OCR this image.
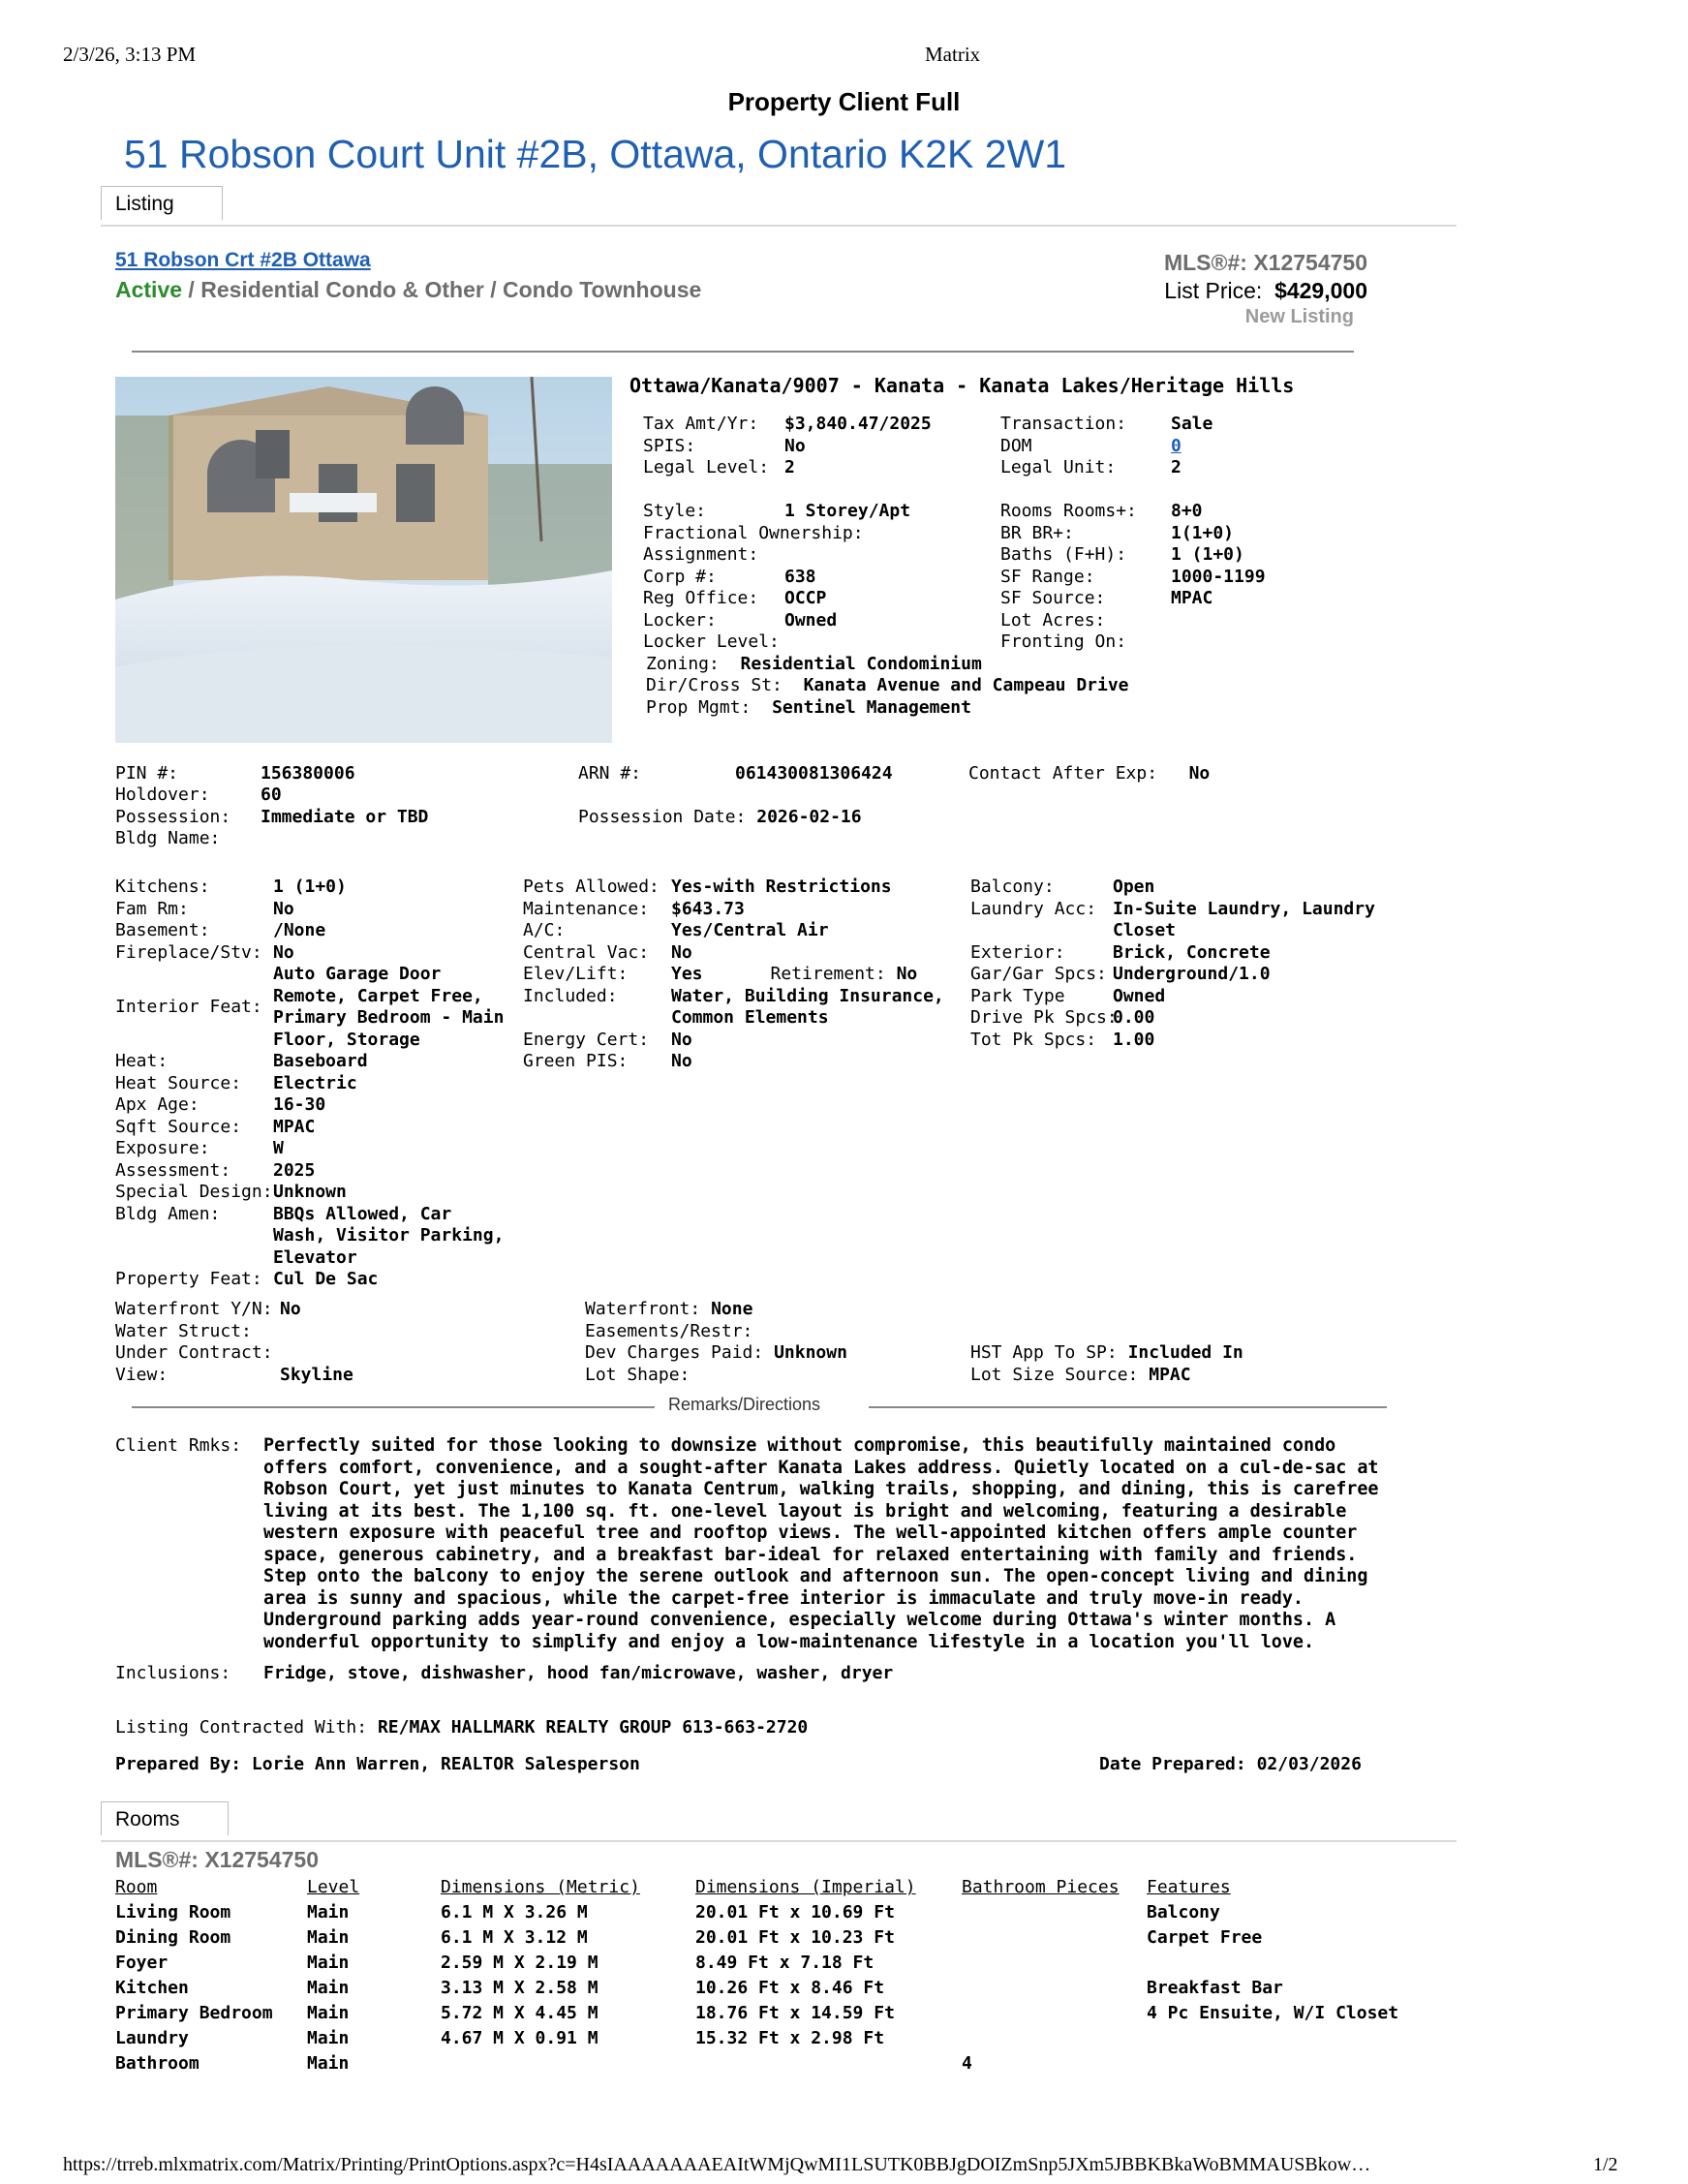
2/3/26, 3:13 PM	Matrix
Property Client Full
51 Robson Court Unit #2B, Ottawa, Ontario K2K 2W1
Listing
51 Robson Crt #2B Ottawa
Active / Residential Condo & Other / Condo Townhouse
MLS®#: X12754750
List Price: $429,000
New Listing
Ottawa/Kanata/9007 - Kanata - Kanata Lakes/Heritage Hills
Tax Amt/Yr:	$3,840.47/2025
SPIS:	No
Legal Level: 2

Style:	1 Storey/Apt
Fractional Ownership:
Assignment:
Corp #:	638
Reg Office:	OCCP
Locker:	Owned
Locker Level:
Transaction:	Sale
DOM	0
Legal Unit:	2

Rooms Rooms+:	8+0
BR BR+:	1(1+0)
Baths (F+H):	1 (1+0)
SF Range:	1000-1199
SF Source:	MPAC
Lot Acres:
Fronting On:
Zoning: Residential Condominium
Dir/Cross St: Kanata Avenue and Campeau Drive
Prop Mgmt: Sentinel Management
PIN #:	156380006	ARN #:	061430081306424	Contact After Exp: No
Holdover:	60
Possession: Immediate or TBD	Possession Date: 2026-02-16
Bldg Name:
Kitchens:	1 (1+0)
Fam Rm:	No
Basement:	/None
Fireplace/Stv: No
Interior Feat:
Auto Garage Door Remote, Carpet Free, Primary Bedroom - Main Floor, Storage
Heat:	Baseboard
Heat Source:	Electric
Apx Age:	16-30
Sqft Source:	MPAC
Exposure:	W
Assessment:	2025
Special Design: Unknown
Bldg Amen:	BBQs Allowed, Car Wash, Visitor Parking, Elevator
Property Feat: Cul De Sac
Pets Allowed: Yes-with Restrictions
Maintenance:	$643.73
A/C:	Yes/Central Air
Central Vac:	No
Elev/Lift:	Yes	Retirement: No
Included:	Water, Building Insurance, Common Elements
Energy Cert:	No
Green PIS:	No
Balcony:	Open
Laundry Acc: In-Suite Laundry, Laundry Closet
Exterior:	Brick, Concrete
Gar/Gar Spcs: Underground/1.0
Park Type	Owned
Drive Pk Spcs:
0.00
Tot Pk Spcs: 1.00
Waterfront Y/N: No
Water Struct:
Under Contract:
View:	Skyline
Waterfront: None
Easements/Restr:
Dev Charges Paid: Unknown
Lot Shape:
HST App To SP: Included In
Lot Size Source: MPAC
Remarks/Directions
Client Rmks: Perfectly suited for those looking to downsize without compromise, this beautifully maintained condo offers comfort, convenience, and a sought-after Kanata Lakes address. Quietly located on a cul-de-sac at Robson Court, yet just minutes to Kanata Centrum, walking trails, shopping, and dining, this is carefree living at its best. The 1,100 sq. ft. one-level layout is bright and welcoming, featuring a desirable western exposure with peaceful tree and rooftop views. The well-appointed kitchen offers ample counter space, generous cabinetry, and a breakfast bar-ideal for relaxed entertaining with family and friends. Step onto the balcony to enjoy the serene outlook and afternoon sun. The open-concept living and dining area is sunny and spacious, while the carpet-free interior is immaculate and truly move-in ready. Underground parking adds year-round convenience, especially welcome during Ottawa's winter months. A wonderful opportunity to simplify and enjoy a low-maintenance lifestyle in a location you'll love.
Inclusions: Fridge, stove, dishwasher, hood fan/microwave, washer, dryer
Listing Contracted With: RE/MAX HALLMARK REALTY GROUP 613-663-2720
Prepared By: Lorie Ann Warren, REALTOR Salesperson	Date Prepared: 02/03/2026
Rooms
MLS®#: X12754750
Room	Level	Dimensions (Metric)	Dimensions (Imperial)	Bathroom Pieces	Features
Living Room	Main	6.1 M X 3.26 M	20.01 Ft x 10.69 Ft		Balcony
Dining Room	Main	6.1 M X 3.12 M	20.01 Ft x 10.23 Ft		Carpet Free
Foyer	Main	2.59 M X 2.19 M	8.49 Ft x 7.18 Ft		
Kitchen	Main	3.13 M X 2.58 M	10.26 Ft x 8.46 Ft		Breakfast Bar
Primary Bedroom	Main	5.72 M X 4.45 M	18.76 Ft x 14.59 Ft		4 Pc Ensuite, W/I Closet
Laundry	Main	4.67 M X 0.91 M	15.32 Ft x 2.98 Ft		
Bathroom	Main			4	
https://trreb.mlxmatrix.com/Matrix/Printing/PrintOptions.aspx?c=H4sIAAAAAAAEAItWMjQwMI1LSUTK0BBJgDOIZmSnp5JXm5JBBKBkaWoBMMAUSBkow…	1/2
